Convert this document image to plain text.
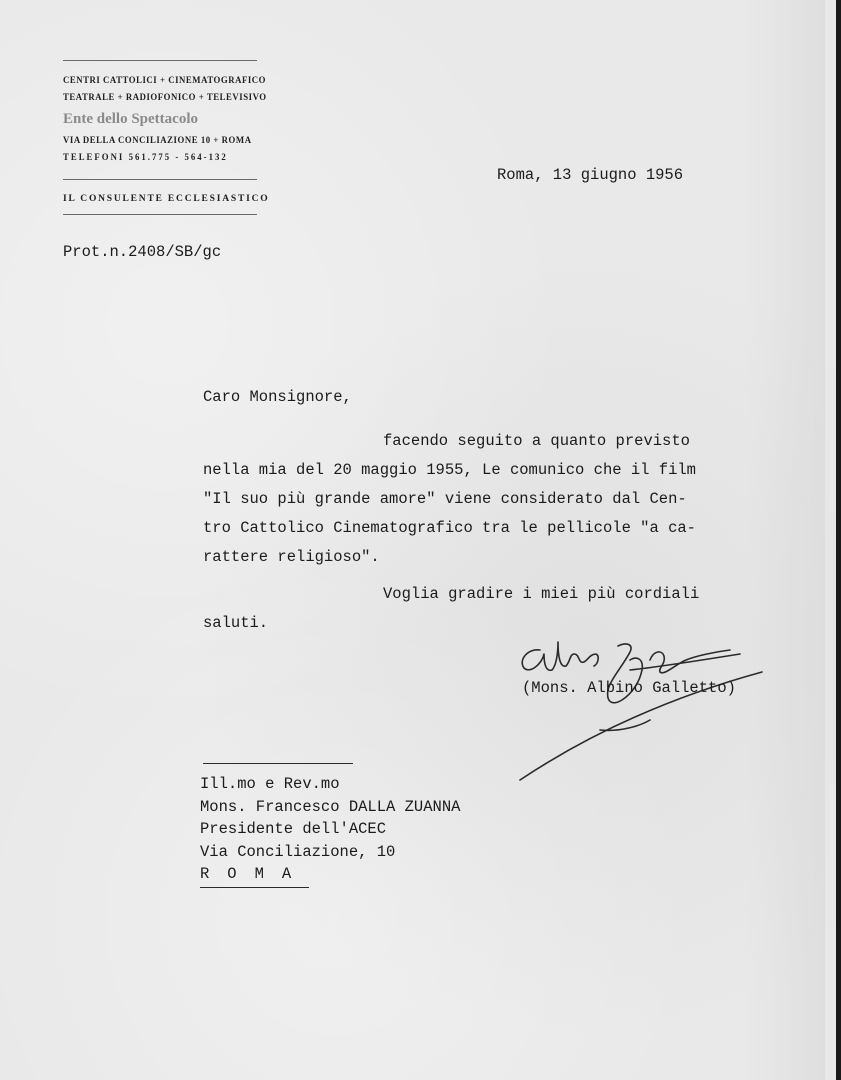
CENTRI CATTOLICI + CINEMATOGRAFICO
TEATRALE + RADIOFONICO + TELEVISIVO
Ente dello Spettacolo
VIA DELLA CONCILIAZIONE 10 + ROMA
TELEFONI 561.775 - 564-132
IL CONSULENTE ECCLESIASTICO
Prot.n.2408/SB/gc
Roma, 13 giugno 1956
Caro Monsignore,
facendo seguito a quanto previsto
nella mia del 20 maggio 1955, Le comunico che il film
"Il suo più grande amore" viene considerato dal Cen-
tro Cattolico Cinematografico tra le pellicole "a ca-
rattere religioso".
Voglia gradire i miei più cordiali
saluti.
(Mons. Albino Galletto)
Ill.mo e Rev.mo
Mons. Francesco DALLA ZUANNA
Presidente dell'ACEC
Via Conciliazione, 10
ROMA
